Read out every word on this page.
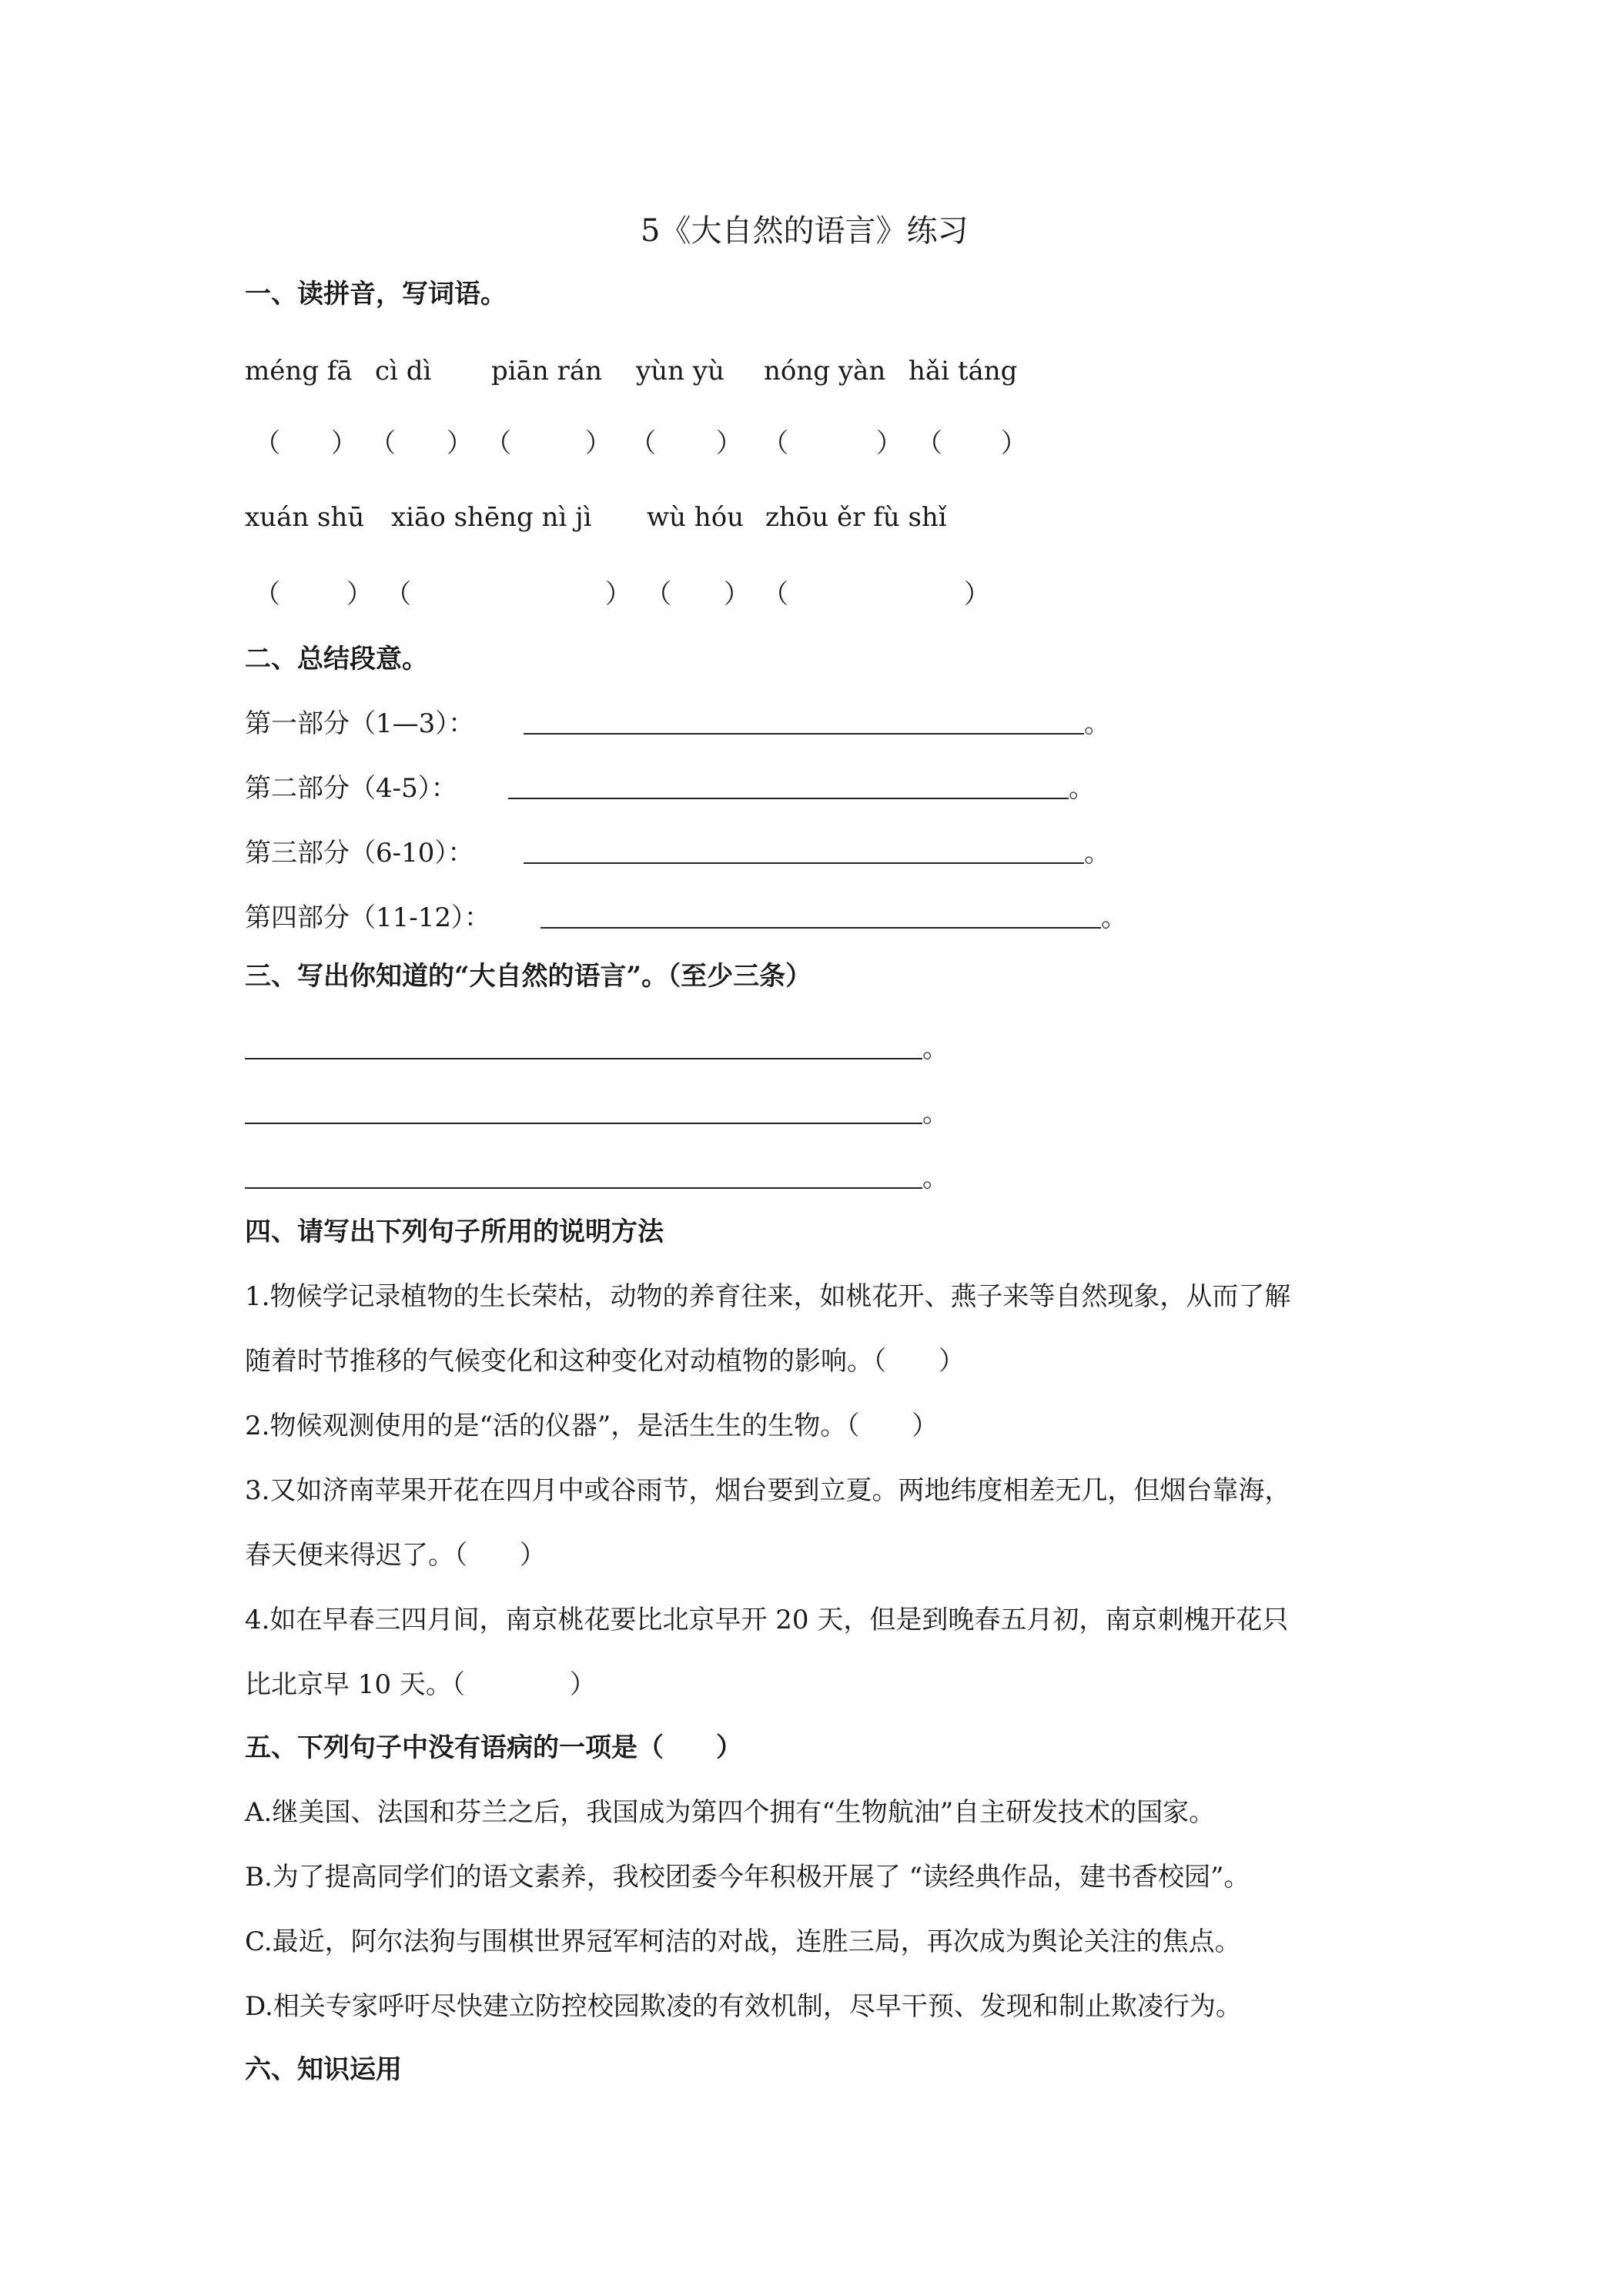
5《大自然的语言》练习
一、读拼音，写词语。
méng fā cì dì piān rán yùn yù nóng yàn hǎi táng
（ ） （ ） （	） （ ） （	） （ ）
xuán shū xiāo shēng nì jì wù hóu zhōu ěr fù shǐ
（	） （	） （ ） （	）
二、总结段意。
第一部分（1—3）：	。
第二部分（4-5）：	。
第三部分（6-10）：	。
第四部分（11-12）：	。
三、写出你知道的“大自然的语言”。（至少三条）
。
。
。
四、请写出下列句子所用的说明方法
1.物候学记录植物的生长荣枯，动物的养育往来，如桃花开、燕子来等自然现象，从而了解
随着时节推移的气候变化和这种变化对动植物的影响。（　　）
2.物候观测使用的是“活的仪器”，是活生生的生物。（　　）
3.又如济南苹果开花在四月中或谷雨节，烟台要到立夏。两地纬度相差无几，但烟台靠海，
春天便来得迟了。（　　）
4.如在早春三四月间，南京桃花要比北京早开 20 天，但是到晚春五月初，南京刺槐开花只
比北京早 10 天。（　　　　）
五、下列句子中没有语病的一项是（　　）
A.继美国、法国和芬兰之后，我国成为第四个拥有“生物航油”自主研发技术的国家。
B.为了提高同学们的语文素养，我校团委今年积极开展了 “读经典作品，建书香校园”。
C.最近，阿尔法狗与围棋世界冠军柯洁的对战，连胜三局，再次成为舆论关注的焦点。
D.相关专家呼吁尽快建立防控校园欺凌的有效机制，尽早干预、发现和制止欺凌行为。
六、知识运用
